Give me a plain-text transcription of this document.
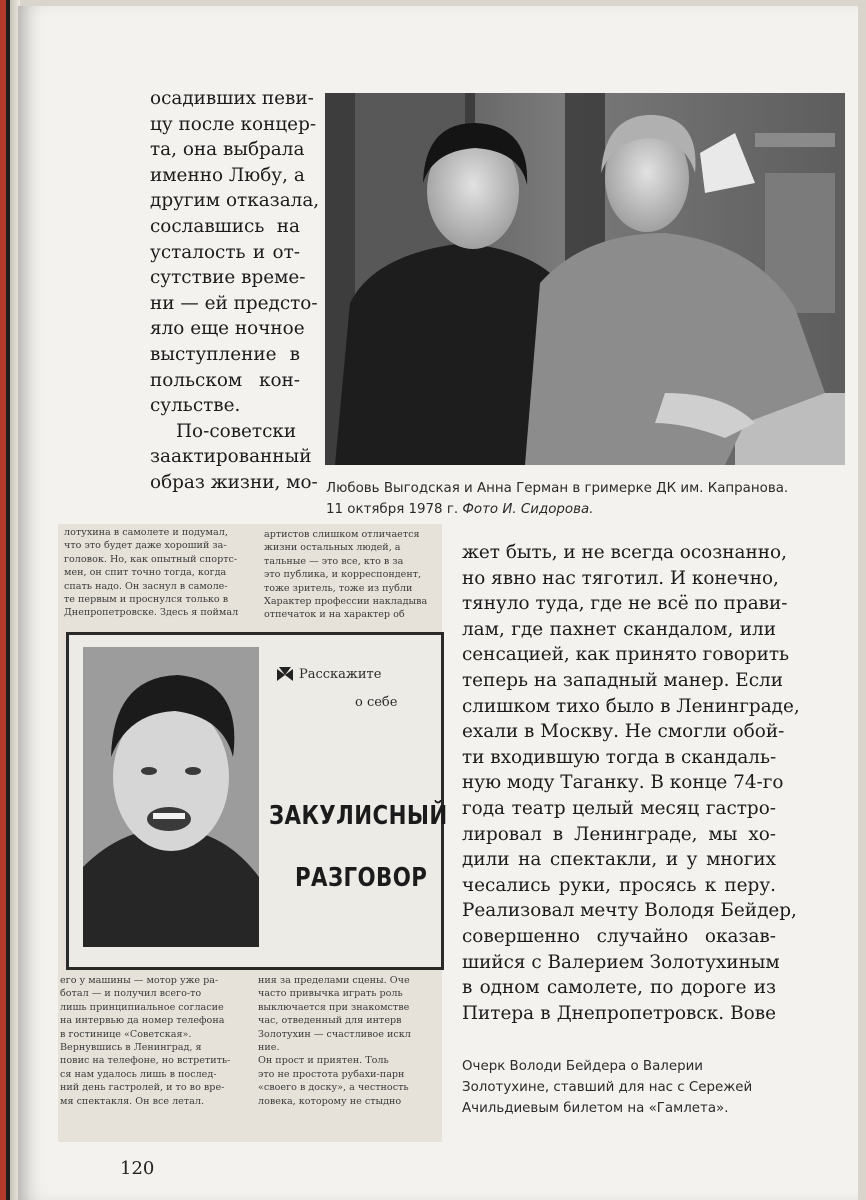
осадивших певи-
цу после концер-
та, она выбрала
именно Любу, а
другим отказала,
сославшись на
усталость и от-
сутствие време-
ни — ей предсто-
яло еще ночное
выступление в
польском кон-
сульстве.
По-советски
заактированный
образ жизни, мо- Любовь Выгодская и Анна Герман в гримерке ДК им. Капранова.
11 октября 1978 г. Фото И. Сидорова.
лотухина в самолете и подумал,
что это будет даже хороший за-
головок. Но, как опытный спортс-
мен, он спит точно тогда, когда
спать надо. Он заснул в самоле-
те первым и проснулся только в
Днепропетровске. Здесь я поймал
артистов слишком отличается
жизни остальных людей, а
тальные — это все, кто в за
это публика, и корреспондент,
тоже зритель, тоже из публи
Характер профессии накладыва
отпечаток и на характер об
Расскажите
о себе
ЗАКУЛИСНЫЙ
РАЗГОВОР
его у машины — мотор уже ра-
ботал — и получил всего-то
лишь принципиальное согласие
на интервью да номер телефона
в гостинице «Советская».
Вернувшись в Ленинград, я
повис на телефоне, но встретить-
ся нам удалось лишь в послед-
ний день гастролей, и то во вре-
мя спектакля. Он все летал.
ния за пределами сцены. Оче
часто привычка играть роль
выключается при знакомстве
час, отведенный для интерв
Золотухин — счастливое искл
ние.
Он прост и приятен. Толь
это не простота рубахи-парн
«своего в доску», а честность
ловека, которому не стыдно
жет быть, и не всегда осознанно,
но явно нас тяготил. И конечно,
тянуло туда, где не всё по прави-
лам, где пахнет скандалом, или
сенсацией, как принято говорить
теперь на западный манер. Если
слишком тихо было в Ленинграде,
ехали в Москву. Не смогли обой-
ти входившую тогда в скандаль-
ную моду Таганку. В конце 74-го
года театр целый месяц гастро-
лировал в Ленинграде, мы хо-
дили на спектакли, и у многих
чесались руки, просясь к перу.
Реализовал мечту Володя Бейдер,
совершенно случайно оказав-
шийся с Валерием Золотухиным
в одном самолете, по дороге из
Питера в Днепропетровск. Вове
Очерк Володи Бейдера о Валерии
Золотухине, ставший для нас с Сережей
Ачильдиевым билетом на «Гамлета».
120
